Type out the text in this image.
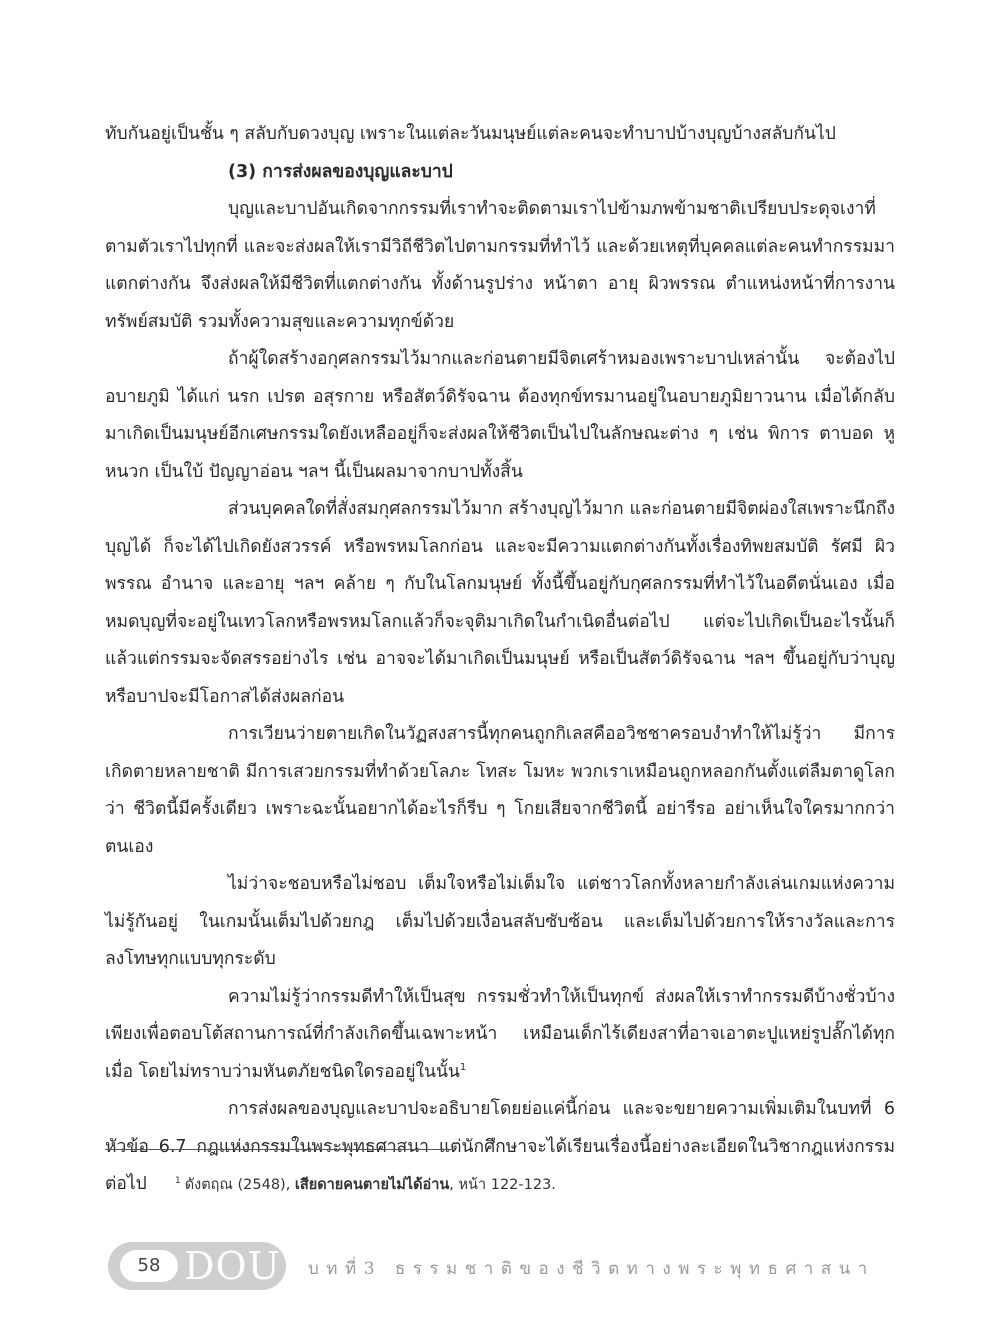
ทับกันอยู่เป็นชั้น ๆ สลับกับดวงบุญ เพราะในแต่ละวันมนุษย์แต่ละคนจะทำบาปบ้างบุญบ้างสลับกันไป

(3) การส่งผลของบุญและบาป

บุญและบาปอันเกิดจากกรรมที่เราทำจะติดตามเราไปข้ามภพข้ามชาติเปรียบประดุจเงาที่ตามตัวเราไปทุกที่ และจะส่งผลให้เรามีวิถีชีวิตไปตามกรรมที่ทำไว้ และด้วยเหตุที่บุคคลแต่ละคนทำกรรมมาแตกต่างกัน จึงส่งผลให้มีชีวิตที่แตกต่างกัน ทั้งด้านรูปร่าง หน้าตา อายุ ผิวพรรณ ตำแหน่งหน้าที่การงาน ทรัพย์สมบัติ รวมทั้งความสุขและความทุกข์ด้วย

ถ้าผู้ใดสร้างอกุศลกรรมไว้มากและก่อนตายมีจิตเศร้าหมองเพราะบาปเหล่านั้น จะต้องไปอบายภูมิ ได้แก่ นรก เปรต อสุรกาย หรือสัตว์ดิรัจฉาน ต้องทุกข์ทรมานอยู่ในอบายภูมิยาวนาน เมื่อได้กลับมาเกิดเป็นมนุษย์อีกเศษกรรมใดยังเหลืออยู่ก็จะส่งผลให้ชีวิตเป็นไปในลักษณะต่าง ๆ เช่น พิการ ตาบอด หูหนวก เป็นใบ้ ปัญญาอ่อน ฯลฯ นี้เป็นผลมาจากบาปทั้งสิ้น

ส่วนบุคคลใดที่สั่งสมกุศลกรรมไว้มาก สร้างบุญไว้มาก และก่อนตายมีจิตผ่องใสเพราะนึกถึงบุญได้ ก็จะได้ไปเกิดยังสวรรค์ หรือพรหมโลกก่อน และจะมีความแตกต่างกันทั้งเรื่องทิพยสมบัติ รัศมี ผิวพรรณ อำนาจ และอายุ ฯลฯ คล้าย ๆ กับในโลกมนุษย์ ทั้งนี้ขึ้นอยู่กับกุศลกรรมที่ทำไว้ในอดีตนั่นเอง เมื่อหมดบุญที่จะอยู่ในเทวโลกหรือพรหมโลกแล้วก็จะจุติมาเกิดในกำเนิดอื่นต่อไป แต่จะไปเกิดเป็นอะไรนั้นก็แล้วแต่กรรมจะจัดสรรอย่างไร เช่น อาจจะได้มาเกิดเป็นมนุษย์ หรือเป็นสัตว์ดิรัจฉาน ฯลฯ ขึ้นอยู่กับว่าบุญหรือบาปจะมีโอกาสได้ส่งผลก่อน

การเวียนว่ายตายเกิดในวัฏสงสารนี้ทุกคนถูกกิเลสคืออวิชชาครอบงำทำให้ไม่รู้ว่า มีการเกิดตายหลายชาติ มีการเสวยกรรมที่ทำด้วยโลภะ โทสะ โมหะ พวกเราเหมือนถูกหลอกกันตั้งแต่ลืมตาดูโลกว่า ชีวิตนี้มีครั้งเดียว เพราะฉะนั้นอยากได้อะไรก็รีบ ๆ โกยเสียจากชีวิตนี้ อย่ารีรอ อย่าเห็นใจใครมากกว่าตนเอง

ไม่ว่าจะชอบหรือไม่ชอบ เต็มใจหรือไม่เต็มใจ แต่ชาวโลกทั้งหลายกำลังเล่นเกมแห่งความไม่รู้กันอยู่ ในเกมนั้นเต็มไปด้วยกฎ เต็มไปด้วยเงื่อนสลับซับซ้อน และเต็มไปด้วยการให้รางวัลและการลงโทษทุกแบบทุกระดับ

ความไม่รู้ว่ากรรมดีทำให้เป็นสุข กรรมชั่วทำให้เป็นทุกข์ ส่งผลให้เราทำกรรมดีบ้างชั่วบ้างเพียงเพื่อตอบโต้สถานการณ์ที่กำลังเกิดขึ้นเฉพาะหน้า เหมือนเด็กไร้เดียงสาที่อาจเอาตะปูแหย่รูปลั๊กได้ทุกเมื่อ โดยไม่ทราบว่ามหันตภัยชนิดใดรออยู่ในนั้น$^1$

การส่งผลของบุญและบาปจะอธิบายโดยย่อแค่นี้ก่อน และจะขยายความเพิ่มเติมในบทที่ 6 หัวข้อ 6.7 กฎแห่งกรรมในพระพุทธศาสนา แต่นักศึกษาจะได้เรียนเรื่องนี้อย่างละเอียดในวิชากฎแห่งกรรมต่อไป	$^1$ ดังตฤณ (2548), เสียดายคนตายไม่ได้อ่าน, หน้า 122-123.
58 DOU บทที่3 ธรรมชาติของชีวิตทางพระพุทธศาสนา
